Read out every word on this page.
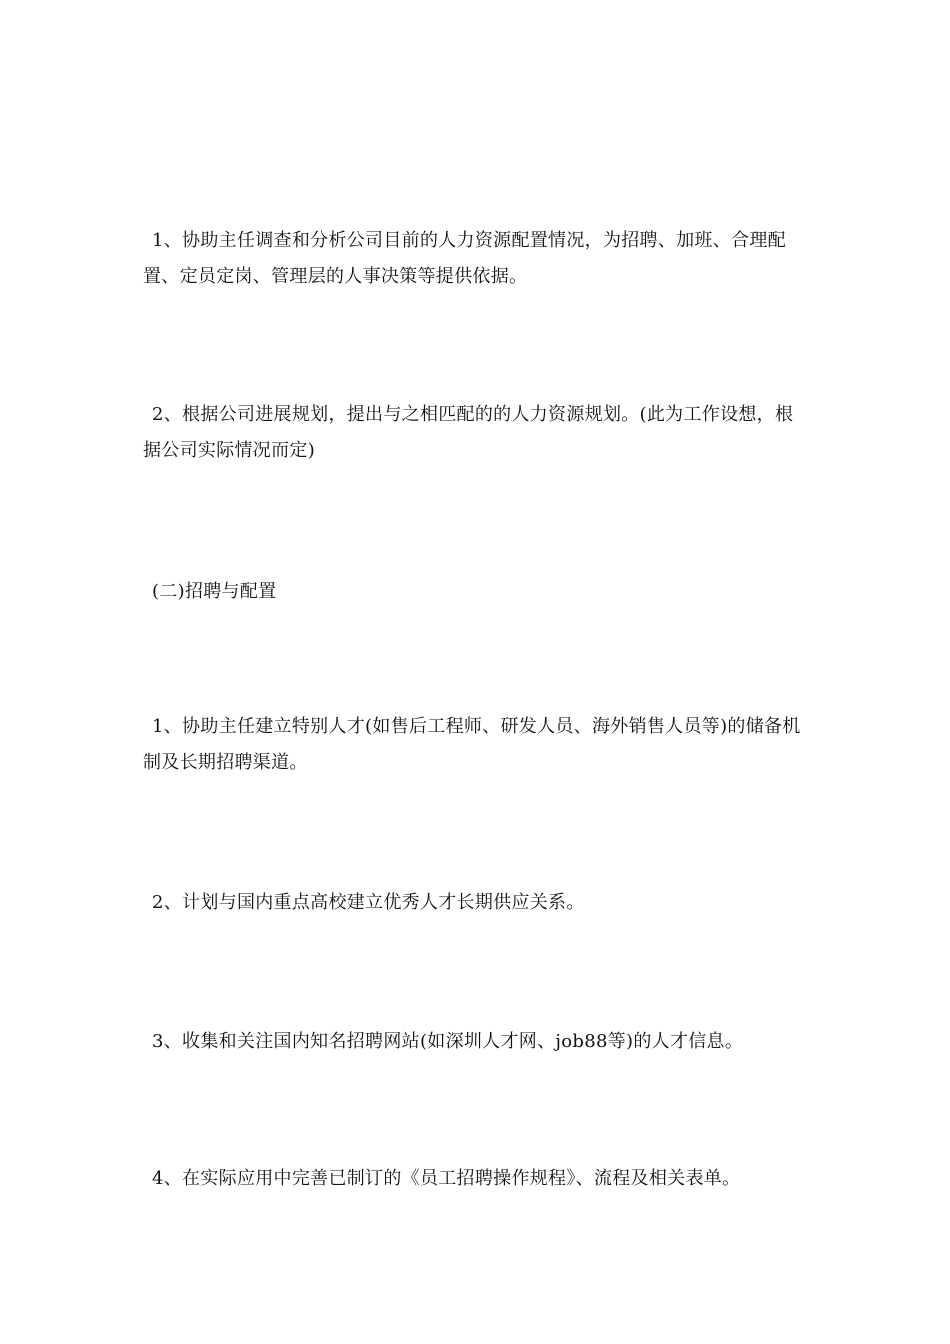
1、协助主任调查和分析公司目前的人力资源配置情况，为招聘、加班、合理配置、定员定岗、管理层的人事决策等提供依据。

2、根据公司进展规划，提出与之相匹配的的人力资源规划。(此为工作设想，根据公司实际情况而定)

(二)招聘与配置

1、协助主任建立特别人才(如售后工程师、研发人员、海外销售人员等)的储备机制及长期招聘渠道。

2、计划与国内重点高校建立优秀人才长期供应关系。

3、收集和关注国内知名招聘网站(如深圳人才网、job88等)的人才信息。

4、在实际应用中完善已制订的《员工招聘操作规程》、流程及相关表单。
